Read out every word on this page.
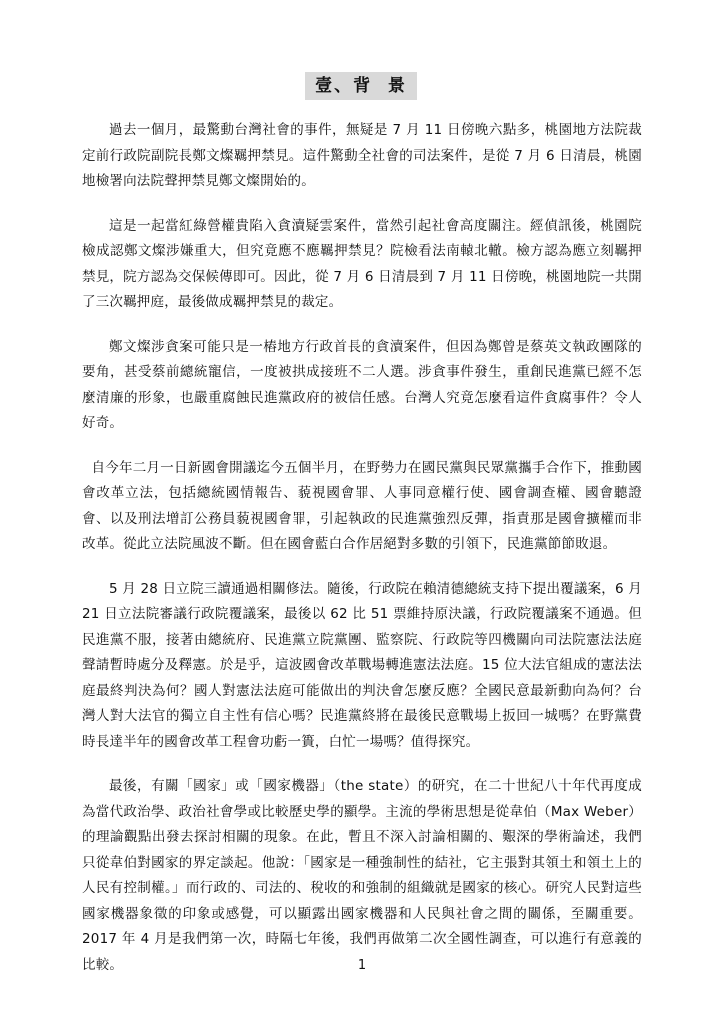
壹、背  景

過去一個月，最驚動台灣社會的事件，無疑是 7 月 11 日傍晚六點多，桃園地方法院裁定前行政院副院長鄭文燦羈押禁見。這件驚動全社會的司法案件，是從 7 月 6 日清晨，桃園地檢署向法院聲押禁見鄭文燦開始的。

這是一起當紅綠營權貴陷入貪瀆疑雲案件，當然引起社會高度關注。經偵訊後，桃園院檢成認鄭文燦涉嫌重大，但究竟應不應羈押禁見？院檢看法南轅北轍。檢方認為應立刻羈押禁見，院方認為交保候傳即可。因此，從 7 月 6 日清晨到 7 月 11 日傍晚，桃園地院一共開了三次羈押庭，最後做成羈押禁見的裁定。

鄭文燦涉貪案可能只是一樁地方行政首長的貪瀆案件，但因為鄭曾是蔡英文執政團隊的要角，甚受蔡前總統寵信，一度被拱成接班不二人選。涉貪事件發生，重創民進黨已經不怎麼清廉的形象，也嚴重腐蝕民進黨政府的被信任感。台灣人究竟怎麼看這件貪腐事件？令人好奇。

自今年二月一日新國會開議迄今五個半月，在野勢力在國民黨與民眾黨攜手合作下，推動國會改革立法，包括總統國情報告、藐視國會罪、人事同意權行使、國會調查權、國會聽證會、以及刑法增訂公務員藐視國會罪，引起執政的民進黨強烈反彈，指責那是國會擴權而非改革。從此立法院風波不斷。但在國會藍白合作居絕對多數的引領下，民進黨節節敗退。

5 月 28 日立院三讀通過相關修法。隨後，行政院在賴清德總統支持下提出覆議案，6 月 21 日立法院審議行政院覆議案，最後以 62 比 51 票維持原決議，行政院覆議案不通過。但民進黨不服，接著由總統府、民進黨立院黨團、監察院、行政院等四機關向司法院憲法法庭聲請暫時處分及釋憲。於是乎，這波國會改革戰場轉進憲法法庭。15 位大法官組成的憲法法庭最終判決為何？國人對憲法法庭可能做出的判決會怎麼反應？全國民意最新動向為何？台灣人對大法官的獨立自主性有信心嗎？民進黨終將在最後民意戰場上扳回一城嗎？在野黨費時長達半年的國會改革工程會功虧一簣，白忙一場嗎？值得探究。

最後，有關「國家」或「國家機器」（the state）的研究，在二十世紀八十年代再度成為當代政治學、政治社會學或比較歷史學的顯學。主流的學術思想是從韋伯（Max Weber）的理論觀點出發去探討相關的現象。在此，暫且不深入討論相關的、艱深的學術論述，我們只從韋伯對國家的界定談起。他說：「國家是一種強制性的結社，它主張對其領土和領土上的人民有控制權。」而行政的、司法的、稅收的和強制的組織就是國家的核心。研究人民對這些國家機器象徵的印象或感覺，可以顯露出國家機器和人民與社會之間的關係，至關重要。2017 年 4 月是我們第一次，時隔七年後，我們再做第二次全國性調查，可以進行有意義的比較。	1
